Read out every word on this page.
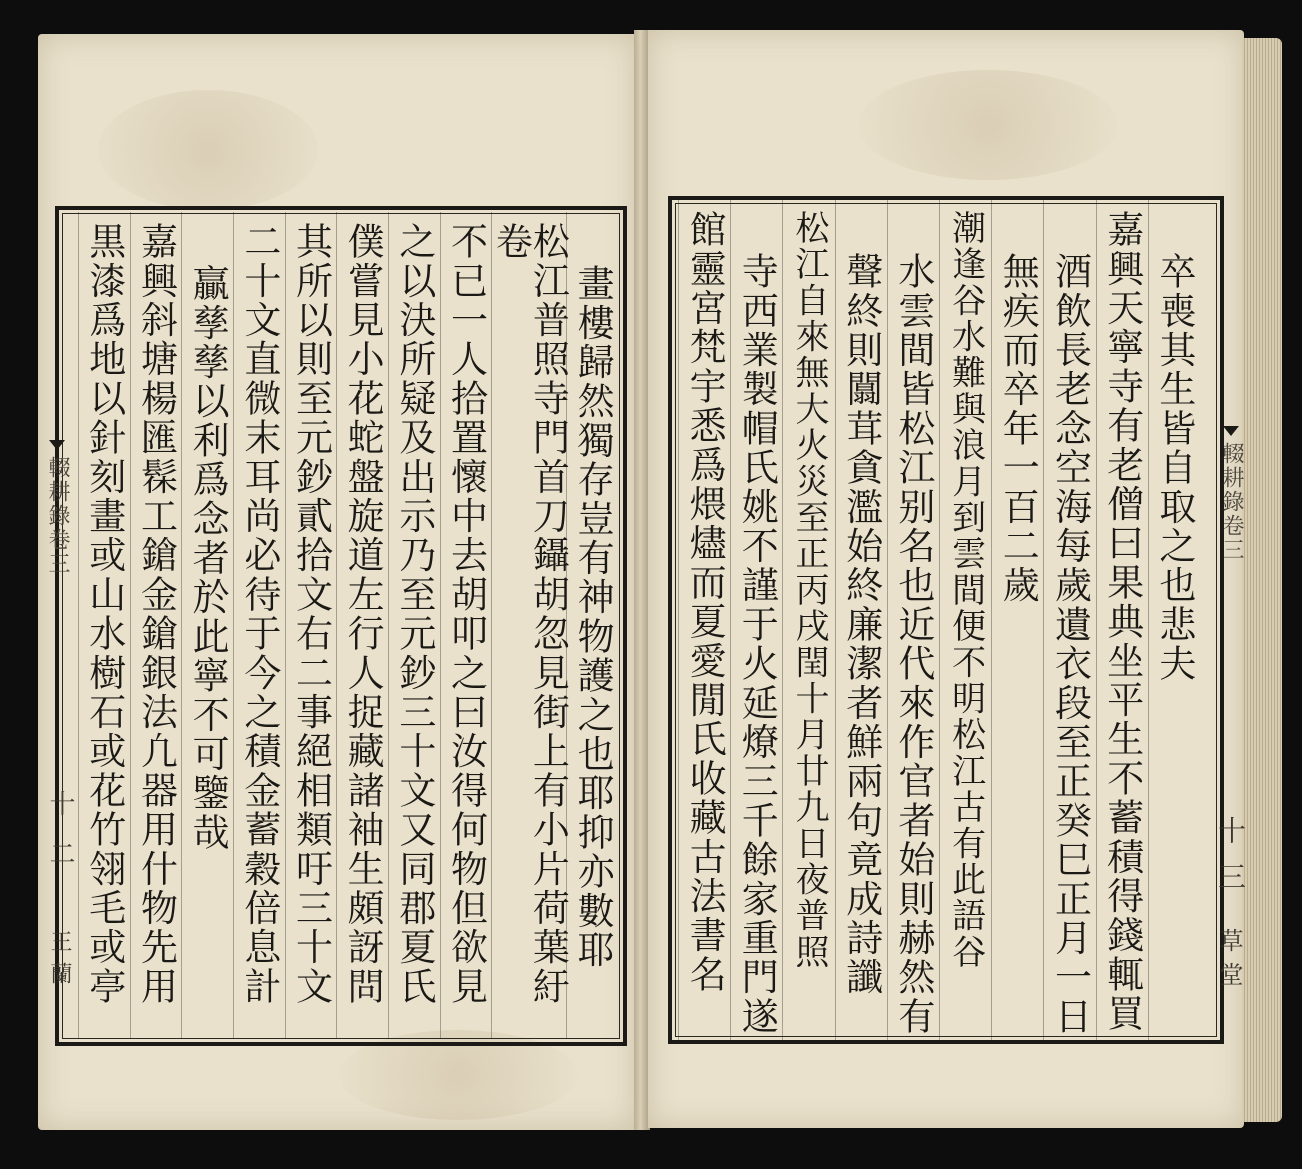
畫樓歸然獨存豈有神物護之也耶抑亦數耶
松江普照寺門首刀鑷胡忽見街上有小片荷葉紆卷
不已一人拾置懷中去胡叩之曰汝得何物但欲見
之以決所疑及出示乃至元鈔三十文又同郡夏氏
僕嘗見小花蛇盤旋道左行人捉藏諸袖生頗訝問
其所以則至元鈔貳拾文右二事絕相類吁三十文
二十文直微末耳尚必待于今之積金蓄穀倍息計
贏孳孳以利爲念者於此寧不可鑒哉
嘉興斜塘楊匯髹工鎗金鎗銀法凢器用什物先用
黒漆爲地以針刻畫或山水樹石或花竹翎毛或亭	卒喪其生皆自取之也悲夫
嘉興天寧寺有老僧曰果典坐平生不蓄積得錢輒買
酒飲長老念空海每歲遺衣段至正癸巳正月一日
無疾而卒年一百二歲
潮逢谷水難與浪月到雲間便不明松江古有此語谷
水雲間皆松江别名也近代來作官者始則赫然有
聲終則闒茸貪濫始終廉潔者鮮兩句竟成詩讖
松江自來無大火災至正丙戌閏十月廿九日夜普照
寺西業製帽氏姚不謹于火延燎三千餘家重門遂
館靈宮梵宇悉爲煨燼而夏愛閒氏收藏古法書名
輟耕錄卷三
十二
王蘭
輟耕錄卷三
十三
草堂
